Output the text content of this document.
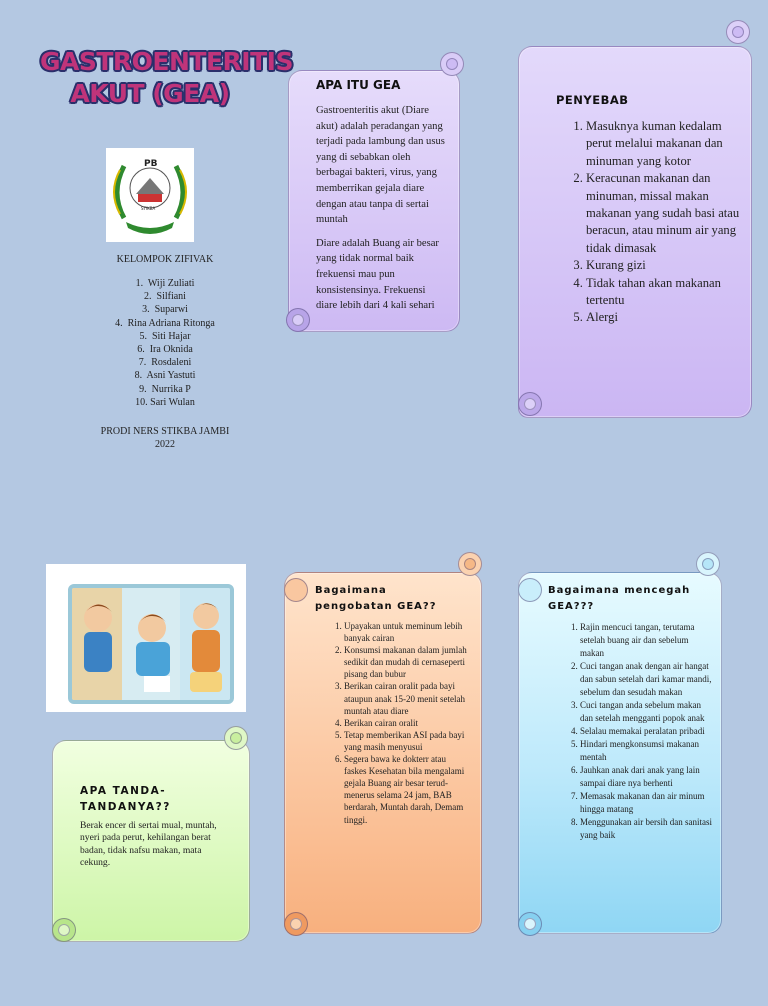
GASTROENTERITIS
AKUT (GEA)
PB
STIKBA
KELOMPOK ZIFIVAK
1.  Wiji Zuliati
2.  Silfiani
3.  Suparwi
4.  Rina Adriana Ritonga
5.  Siti Hajar
6.  Ira Oknida
7.  Rosdaleni
8.  Asni Yastuti
9.  Nurrika P
10. Sari Wulan
PRODI NERS STIKBA JAMBI
2022
APA ITU GEA

Gastroenteritis akut (Diare akut) adalah peradangan yang terjadi pada lambung dan usus yang di sebabkan oleh berbagai bakteri, virus, yang memberrikan gejala diare dengan atau tanpa di sertai muntah

Diare adalah Buang air besar yang tidak normal baik frekuensi mau pun konsistensinya. Frekuensi diare lebih dari 4 kali sehari

PENYEBAB
1. Masuknya kuman kedalam perut melalui makanan dan minuman yang kotor
2. Keracunan makanan dan minuman, missal makan makanan yang sudah basi atau beracun, atau minum air yang tidak dimasak
3. Kurang gizi
4. Tidak tahan akan makanan tertentu
5. Alergi
APA TANDA-TANDANYA??
Berak encer di sertai mual, muntah, nyeri pada perut, kehilangan berat badan, tidak nafsu makan, mata cekung.
Bagaimana pengobatan GEA??
1. Upayakan untuk meminum lebih banyak cairan
2. Konsumsi makanan dalam jumlah sedikit dan mudah di cernaseperti pisang dan bubur
3. Berikan cairan oralit pada bayi ataupun anak 15-20 menit setelah muntah atau diare
4. Berikan cairan oralit
5. Tetap memberikan ASI pada bayi yang masih menyusui
6. Segera bawa ke dokterr atau faskes Kesehatan bila mengalami gejala Buang air besar terud-menerus selama 24 jam, BAB berdarah, Muntah darah, Demam tinggi.
Bagaimana mencegah GEA???
1. Rajin mencuci tangan, terutama setelah buang air dan sebelum makan
2. Cuci tangan anak dengan air hangat dan sabun setelah dari kamar mandi, sebelum dan sesudah makan
3. Cuci tangan anda sebelum makan dan setelah mengganti popok anak
4. Selalau memakai peralatan pribadi
5. Hindari mengkonsumsi makanan mentah
6. Jauhkan anak dari anak yang lain sampai diare nya berhenti
7. Memasak makanan dan air minum hingga matang
8. Menggunakan air bersih dan sanitasi yang baik
